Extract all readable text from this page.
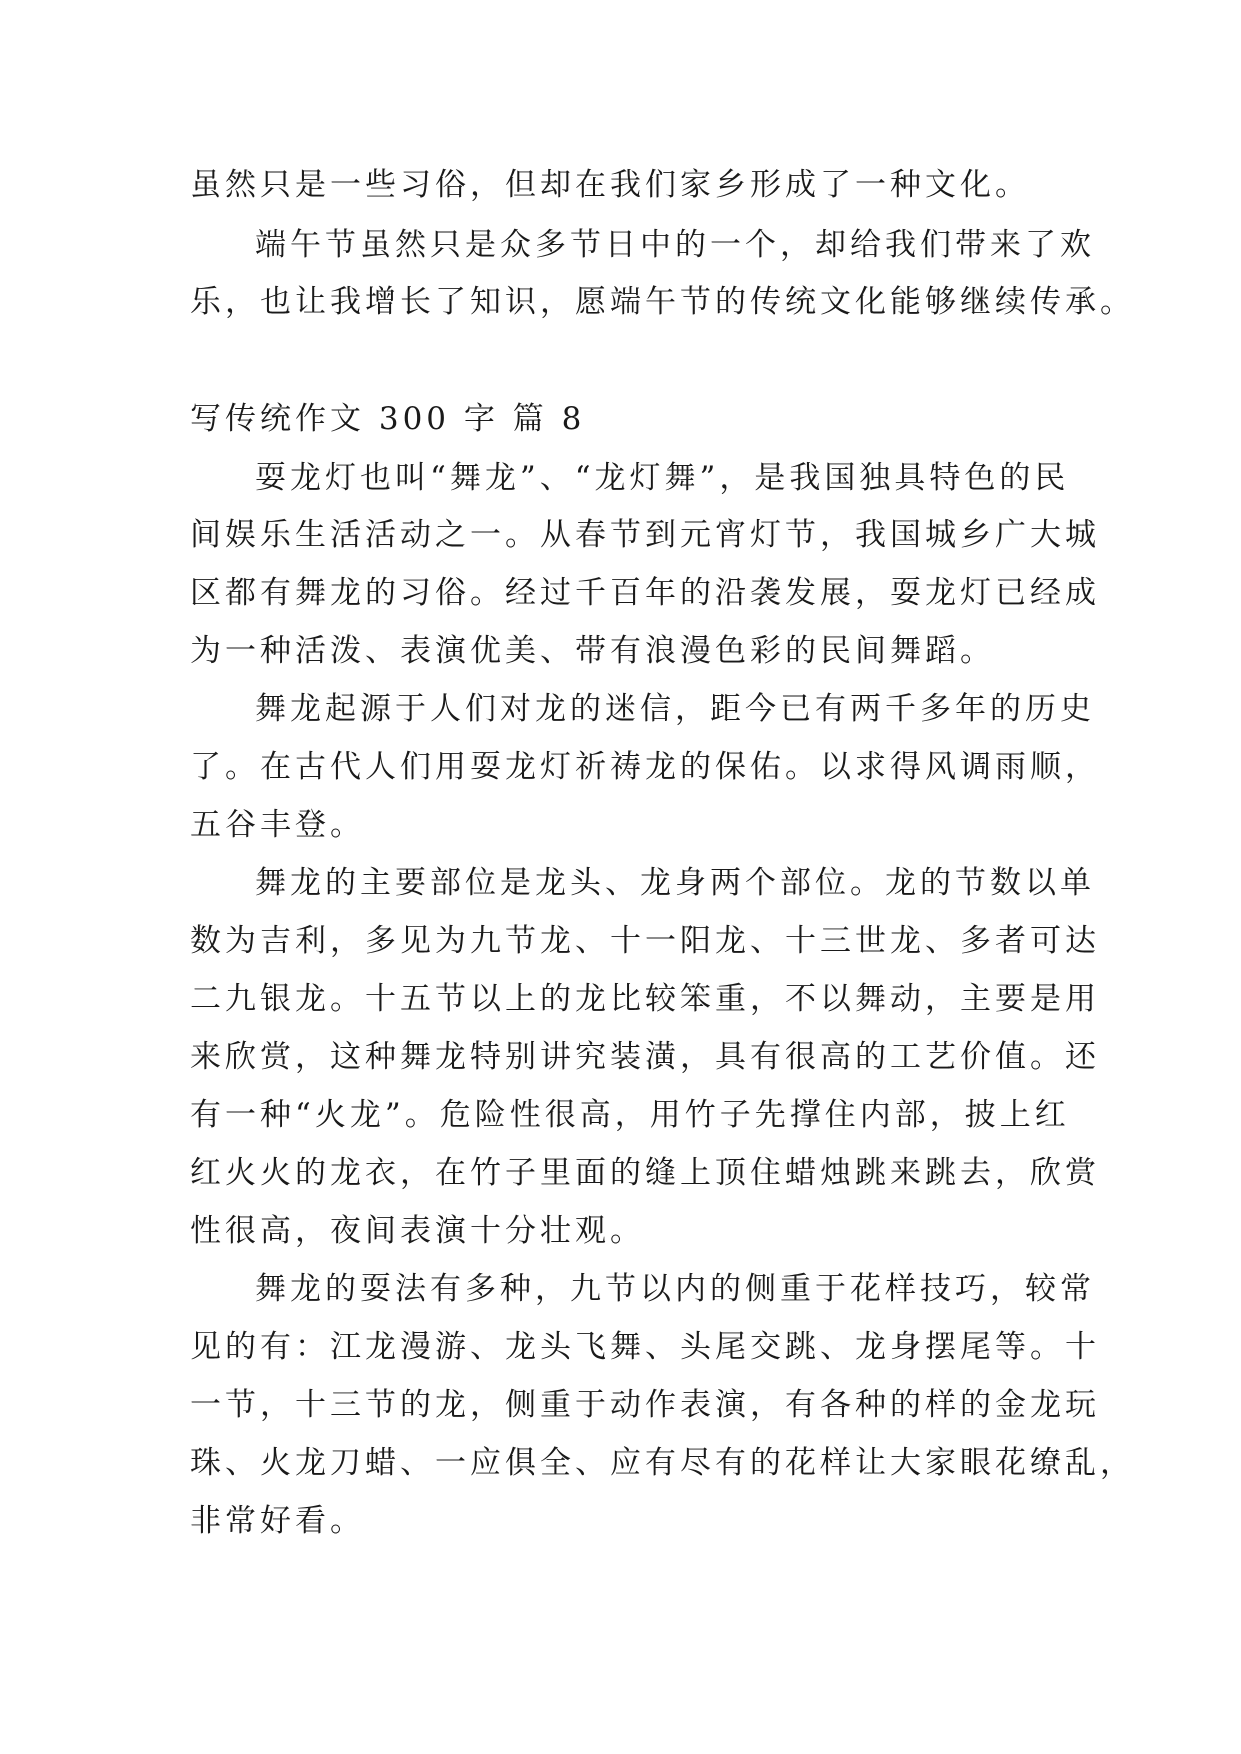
虽然只是一些习俗，但却在我们家乡形成了一种文化。
端午节虽然只是众多节日中的一个，却给我们带来了欢
乐，也让我增长了知识，愿端午节的传统文化能够继续传承。
写传统作文 300 字 篇 8
耍龙灯也叫“舞龙”、“龙灯舞”，是我国独具特色的民
间娱乐生活活动之一。从春节到元宵灯节，我国城乡广大城
区都有舞龙的习俗。经过千百年的沿袭发展，耍龙灯已经成
为一种活泼、表演优美、带有浪漫色彩的民间舞蹈。
舞龙起源于人们对龙的迷信，距今已有两千多年的历史
了。在古代人们用耍龙灯祈祷龙的保佑。以求得风调雨顺，
五谷丰登。
舞龙的主要部位是龙头、龙身两个部位。龙的节数以单
数为吉利，多见为九节龙、十一阳龙、十三世龙、多者可达
二九银龙。十五节以上的龙比较笨重，不以舞动，主要是用
来欣赏，这种舞龙特别讲究装潢，具有很高的工艺价值。还
有一种“火龙”。危险性很高，用竹子先撑住内部，披上红
红火火的龙衣，在竹子里面的缝上顶住蜡烛跳来跳去，欣赏
性很高，夜间表演十分壮观。
舞龙的耍法有多种，九节以内的侧重于花样技巧，较常
见的有：江龙漫游、龙头飞舞、头尾交跳、龙身摆尾等。十
一节，十三节的龙，侧重于动作表演，有各种的样的金龙玩
珠、火龙刀蜡、一应俱全、应有尽有的花样让大家眼花缭乱，
非常好看。
